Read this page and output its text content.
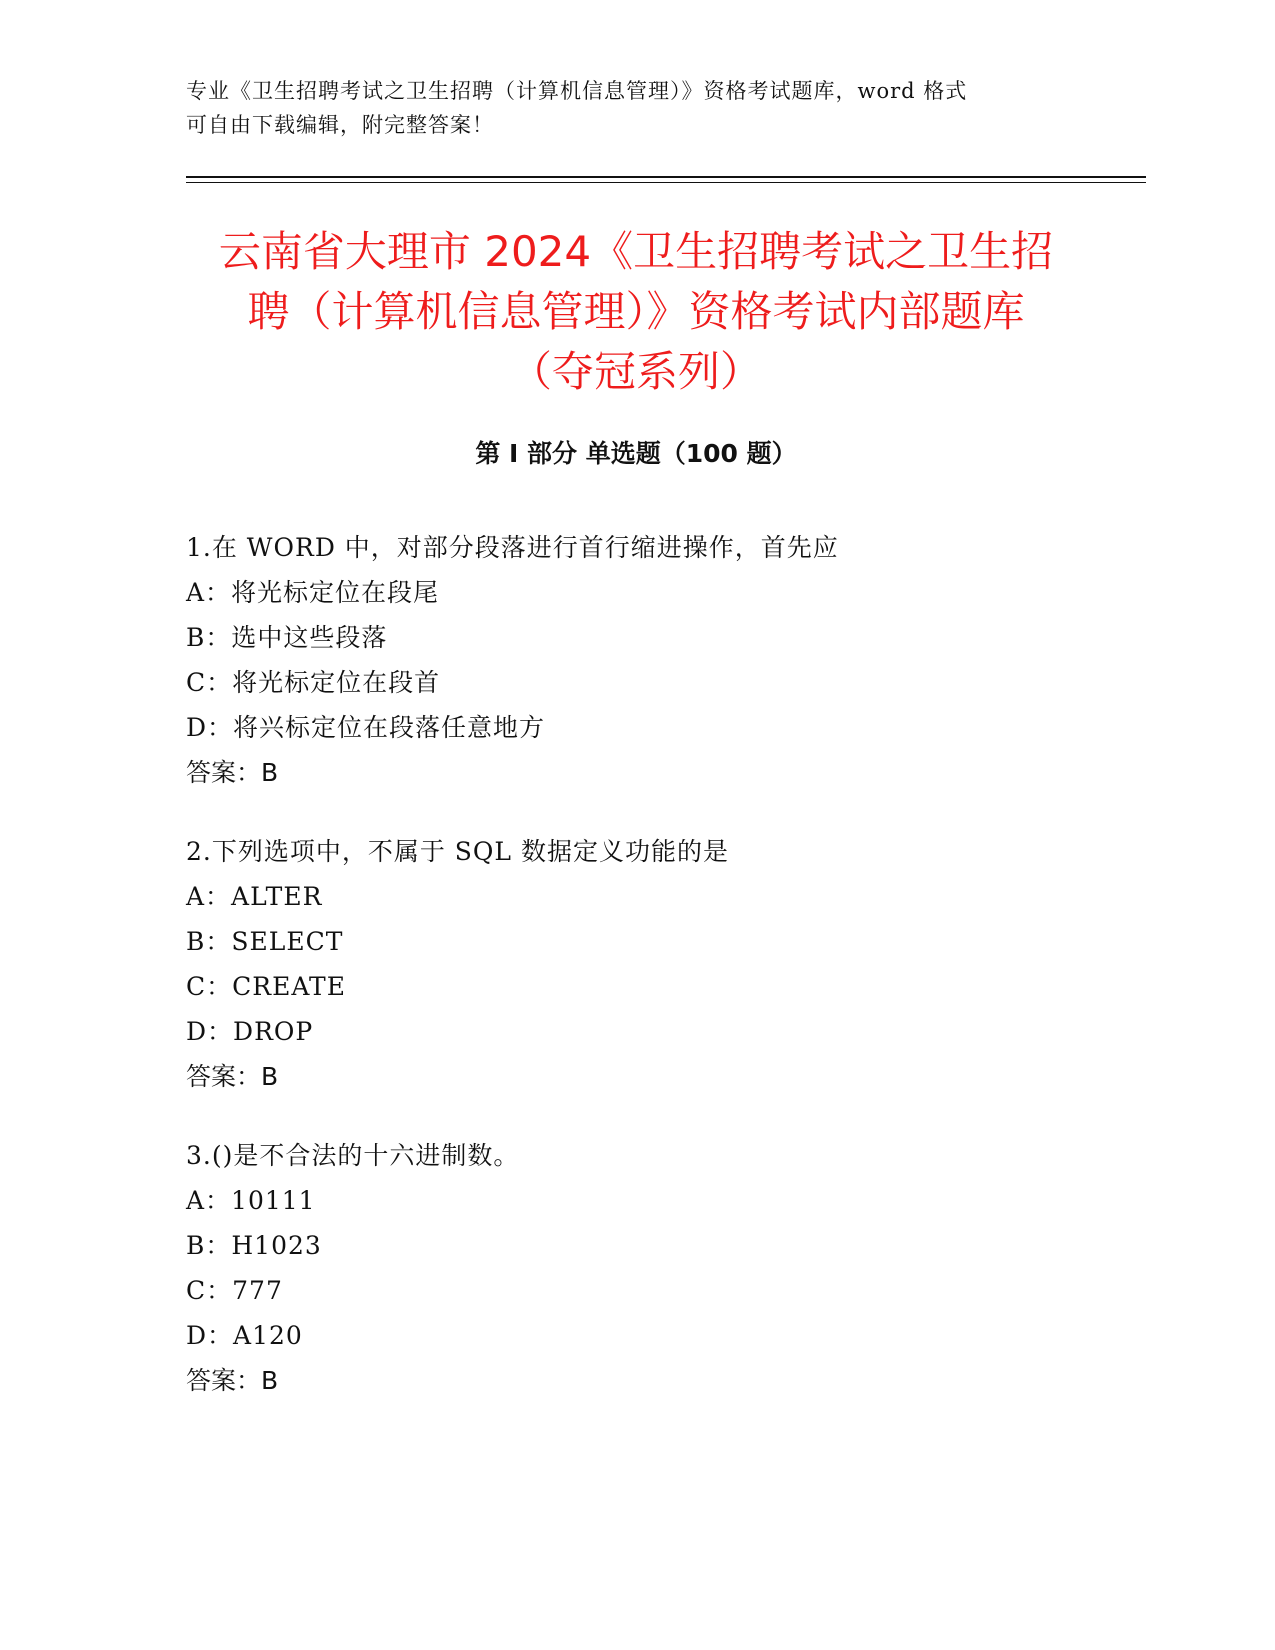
专业《卫生招聘考试之卫生招聘（计算机信息管理）》资格考试题库，word 格式

可自由下载编辑，附完整答案！

云南省大理市 2024《卫生招聘考试之卫生招
聘（计算机信息管理）》资格考试内部题库
（夺冠系列）
第 I 部分 单选题（100 题）
1.在 WORD 中，对部分段落进行首行缩进操作，首先应
A：将光标定位在段尾
B：选中这些段落
C：将光标定位在段首
D：将兴标定位在段落任意地方
答案：B
2.下列选项中，不属于 SQL 数据定义功能的是
A：ALTER
B：SELECT
C：CREATE
D：DROP
答案：B
3.()是不合法的十六进制数。
A：10111
B：H1023
C：777
D：A120
答案：B
